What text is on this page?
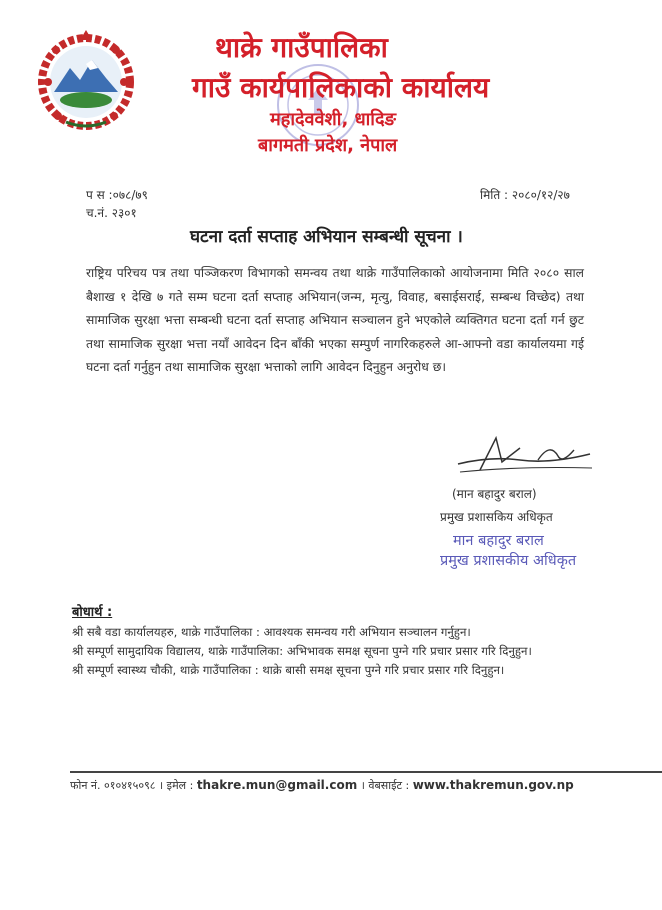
थाक्रे गाउँपालिका
गाउँ कार्यपालिकाको कार्यालय
महादेववेशी, धादिङ
बागमती प्रदेश, नेपाल
प स :०७८/७९
च.नं. २३०१
मिति : २०८०/१२/२७
घटना दर्ता सप्ताह अभियान सम्बन्धी सूचना ।
राष्ट्रिय परिचय पत्र तथा पञ्जिकरण विभागको समन्वय तथा थाक्रे गाउँपालिकाको आयोजनामा मिति २०८० साल बैशाख १ देखि ७ गते सम्म घटना दर्ता सप्ताह अभियान(जन्म, मृत्यु, विवाह, बसाईसराई, सम्बन्ध विच्छेद) तथा सामाजिक सुरक्षा भत्ता सम्बन्धी घटना दर्ता सप्ताह अभियान सञ्चालन हुने भएकोले व्यक्तिगत घटना दर्ता गर्न छुट तथा सामाजिक सुरक्षा भत्ता नयाँ आवेदन दिन बाँकी भएका सम्पुर्ण नागरिकहरुले आ-आफ्नो वडा कार्यालयमा गई घटना दर्ता गर्नुहुन तथा सामाजिक सुरक्षा भत्ताको लागि आवेदन दिनुहुन अनुरोध छ।
(मान बहादुर बराल)
प्रमुख प्रशासकिय अधिकृत
मान बहादुर बराल
प्रमुख प्रशासकीय अधिकृत
बोधार्थ :
श्री सबै वडा कार्यालयहरु, थाक्रे गाउँपालिका : आवश्यक समन्वय गरी अभियान सञ्चालन गर्नुहुन।
श्री सम्पूर्ण सामुदायिक विद्यालय, थाक्रे गाउँपालिका: अभिभावक समक्ष सूचना पुग्ने गरि प्रचार प्रसार गरि दिनुहुन।
श्री सम्पूर्ण स्वास्थ्य चौकी, थाक्रे गाउँपालिका : थाक्रे बासी समक्ष सूचना पुग्ने गरि प्रचार प्रसार गरि दिनुहुन।
फोन नं. ०१०४१५०९८ । इमेल : thakre.mun@gmail.com । वेबसाईट : www.thakremun.gov.np
